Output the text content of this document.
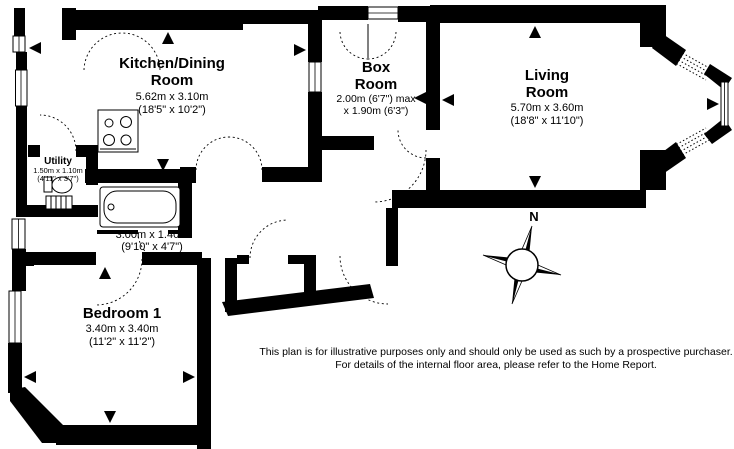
N
Kitchen/Dining
Room
5.62m x 3.10m
(18'5" x 10'2")
Box
Room
2.00m (6'7") max
x 1.90m (6'3")
Living
Room
5.70m x 3.60m
(18'8" x 11'10")
Utility
1.50m x 1.10m
(4'11" x 3'7")
3.00m x 1.40m
(9'10" x 4'7")
Bedroom 1
3.40m x 3.40m
(11'2" x 11'2")
This plan is for illustrative purposes only and should only be used as such by a prospective purchaser.
For details of the internal floor area, please refer to the Home Report.
